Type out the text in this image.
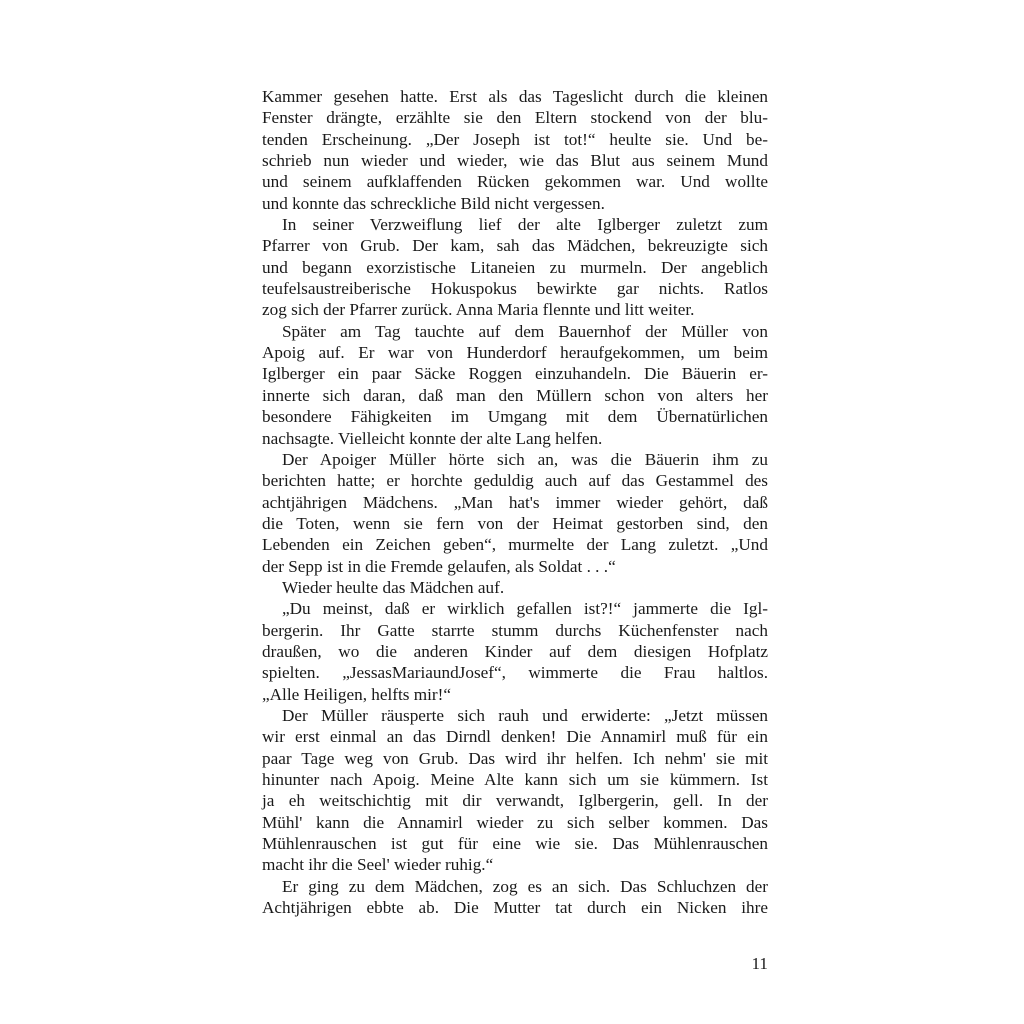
Kammer gesehen hatte. Erst als das Tageslicht durch die kleinen
Fenster drängte, erzählte sie den Eltern stockend von der blu-
tenden Erscheinung. „Der Joseph ist tot!“ heulte sie. Und be-
schrieb nun wieder und wieder, wie das Blut aus seinem Mund
und seinem aufklaffenden Rücken gekommen war. Und wollte
und konnte das schreckliche Bild nicht vergessen.
In seiner Verzweiflung lief der alte Iglberger zuletzt zum
Pfarrer von Grub. Der kam, sah das Mädchen, bekreuzigte sich
und begann exorzistische Litaneien zu murmeln. Der angeblich
teufelsaustreiberische Hokuspokus bewirkte gar nichts. Ratlos
zog sich der Pfarrer zurück. Anna Maria flennte und litt weiter.
Später am Tag tauchte auf dem Bauernhof der Müller von
Apoig auf. Er war von Hunderdorf heraufgekommen, um beim
Iglberger ein paar Säcke Roggen einzuhandeln. Die Bäuerin er-
innerte sich daran, daß man den Müllern schon von alters her
besondere Fähigkeiten im Umgang mit dem Übernatürlichen
nachsagte. Vielleicht konnte der alte Lang helfen.
Der Apoiger Müller hörte sich an, was die Bäuerin ihm zu
berichten hatte; er horchte geduldig auch auf das Gestammel des
achtjährigen Mädchens. „Man hat's immer wieder gehört, daß
die Toten, wenn sie fern von der Heimat gestorben sind, den
Lebenden ein Zeichen geben“, murmelte der Lang zuletzt. „Und
der Sepp ist in die Fremde gelaufen, als Soldat . . .“
Wieder heulte das Mädchen auf.
„Du meinst, daß er wirklich gefallen ist?!“ jammerte die Igl-
bergerin. Ihr Gatte starrte stumm durchs Küchenfenster nach
draußen, wo die anderen Kinder auf dem diesigen Hofplatz
spielten. „JessasMariaundJosef“, wimmerte die Frau haltlos.
„Alle Heiligen, helfts mir!“
Der Müller räusperte sich rauh und erwiderte: „Jetzt müssen
wir erst einmal an das Dirndl denken! Die Annamirl muß für ein
paar Tage weg von Grub. Das wird ihr helfen. Ich nehm' sie mit
hinunter nach Apoig. Meine Alte kann sich um sie kümmern. Ist
ja eh weitschichtig mit dir verwandt, Iglbergerin, gell. In der
Mühl' kann die Annamirl wieder zu sich selber kommen. Das
Mühlenrauschen ist gut für eine wie sie. Das Mühlenrauschen
macht ihr die Seel' wieder ruhig.“
Er ging zu dem Mädchen, zog es an sich. Das Schluchzen der
Achtjährigen ebbte ab. Die Mutter tat durch ein Nicken ihre
11
